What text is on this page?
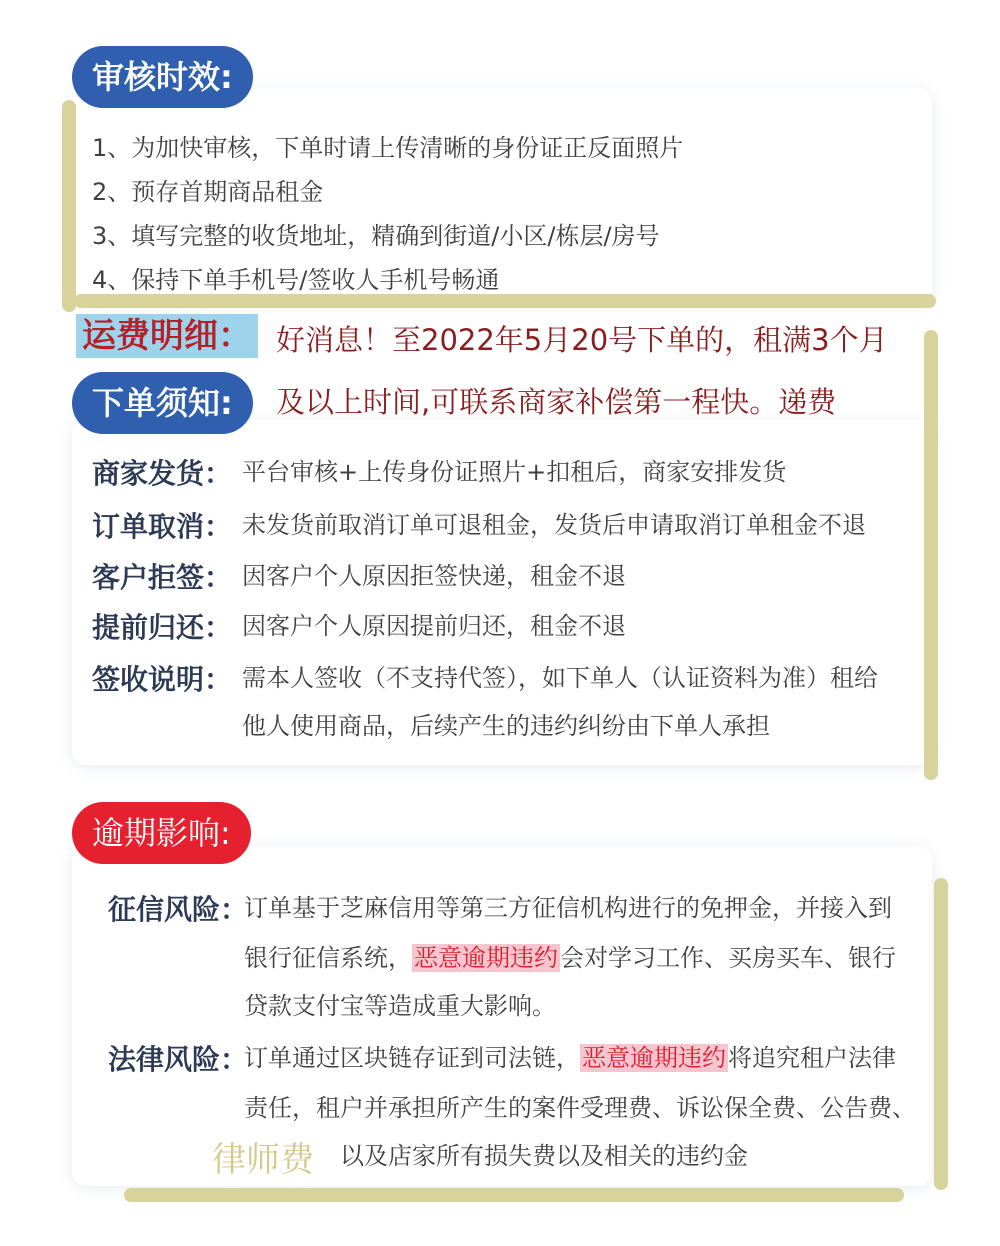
审核时效:
1、为加快审核，下单时请上传清晰的身份证正反面照片
2、预存首期商品租金
3、填写完整的收货地址，精确到街道/小区/栋层/房号
4、保持下单手机号/签收人手机号畅通
下单须知:
运费明细： 好消息！至2022年5月20号下单的，租满3个月
及以上时间,可联系商家补偿第一程快。递费
商家发货： 平台审核+上传身份证照片+扣租后，商家安排发货
订单取消： 未发货前取消订单可退租金，发货后申请取消订单租金不退
客户拒签： 因客户个人原因拒签快递，租金不退
提前归还： 因客户个人原因提前归还，租金不退
签收说明： 需本人签收（不支持代签），如下单人（认证资料为准）租给
他人使用商品，后续产生的违约纠纷由下单人承担
逾期影响:
征信风险：
订单基于芝麻信用等第三方征信机构进行的免押金，并接入到
银行征信系统，恶意逾期违约会对学习工作、买房买车、银行
贷款支付宝等造成重大影响。
法律风险：
订单通过区块链存证到司法链，恶意逾期违约将追究租户法律
责任，租户并承担所产生的案件受理费、诉讼保全费、公告费、
律师费 以及店家所有损失费以及相关的违约金
